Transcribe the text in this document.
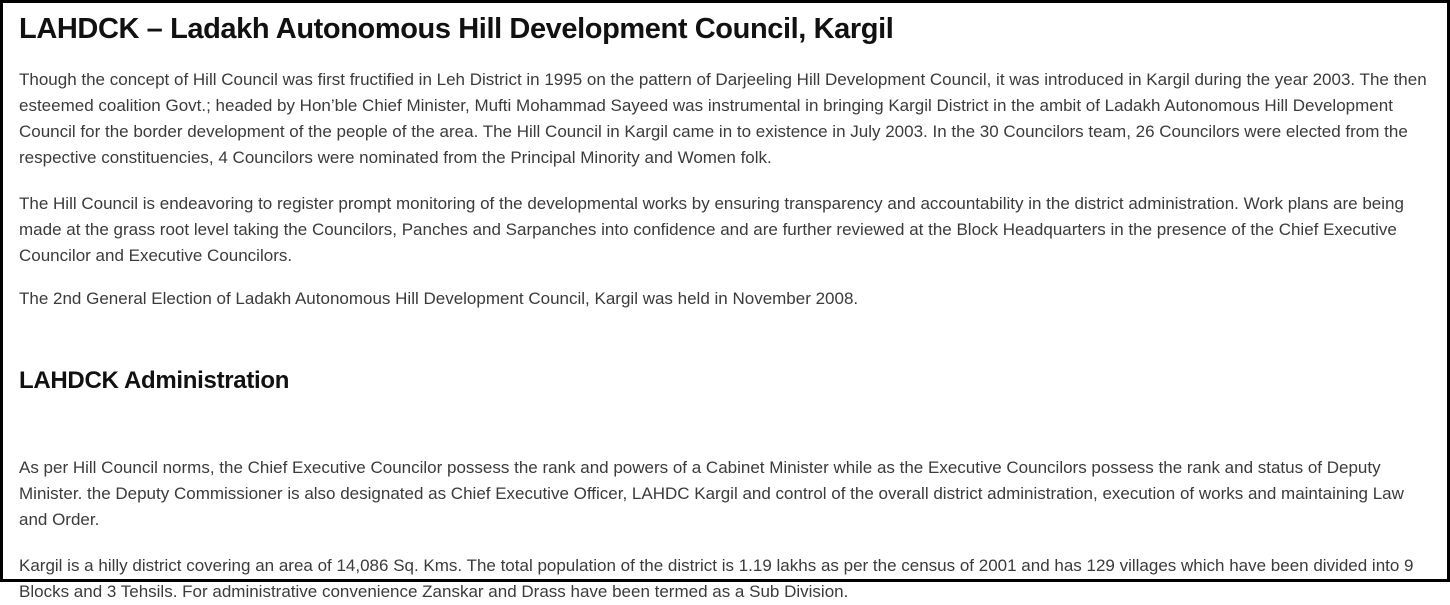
LAHDCK – Ladakh Autonomous Hill Development Council, Kargil

Though the concept of Hill Council was first fructified in Leh District in 1995 on the pattern of Darjeeling Hill Development Council, it was introduced in Kargil during the year 2003. The then esteemed coalition Govt.; headed by Hon’ble Chief Minister, Mufti Mohammad Sayeed was instrumental in bringing Kargil District in the ambit of Ladakh Autonomous Hill Development Council for the border development of the people of the area. The Hill Council in Kargil came in to existence in July 2003. In the 30 Councilors team, 26 Councilors were elected from the respective constituencies, 4 Councilors were nominated from the Principal Minority and Women folk.

The Hill Council is endeavoring to register prompt monitoring of the developmental works by ensuring transparency and accountability in the district administration. Work plans are being made at the grass root level taking the Councilors, Panches and Sarpanches into confidence and are further reviewed at the Block Headquarters in the presence of the Chief Executive Councilor and Executive Councilors.

The 2nd General Election of Ladakh Autonomous Hill Development Council, Kargil was held in November 2008.

LAHDCK Administration

As per Hill Council norms, the Chief Executive Councilor possess the rank and powers of a Cabinet Minister while as the Executive Councilors possess the rank and status of Deputy Minister. the Deputy Commissioner is also designated as Chief Executive Officer, LAHDC Kargil and control of the overall district administration, execution of works and maintaining Law and Order.

Kargil is a hilly district covering an area of 14,086 Sq. Kms. The total population of the district is 1.19 lakhs as per the census of 2001 and has 129 villages which have been divided into 9 Blocks and 3 Tehsils. For administrative convenience Zanskar and Drass have been termed as a Sub Division.
